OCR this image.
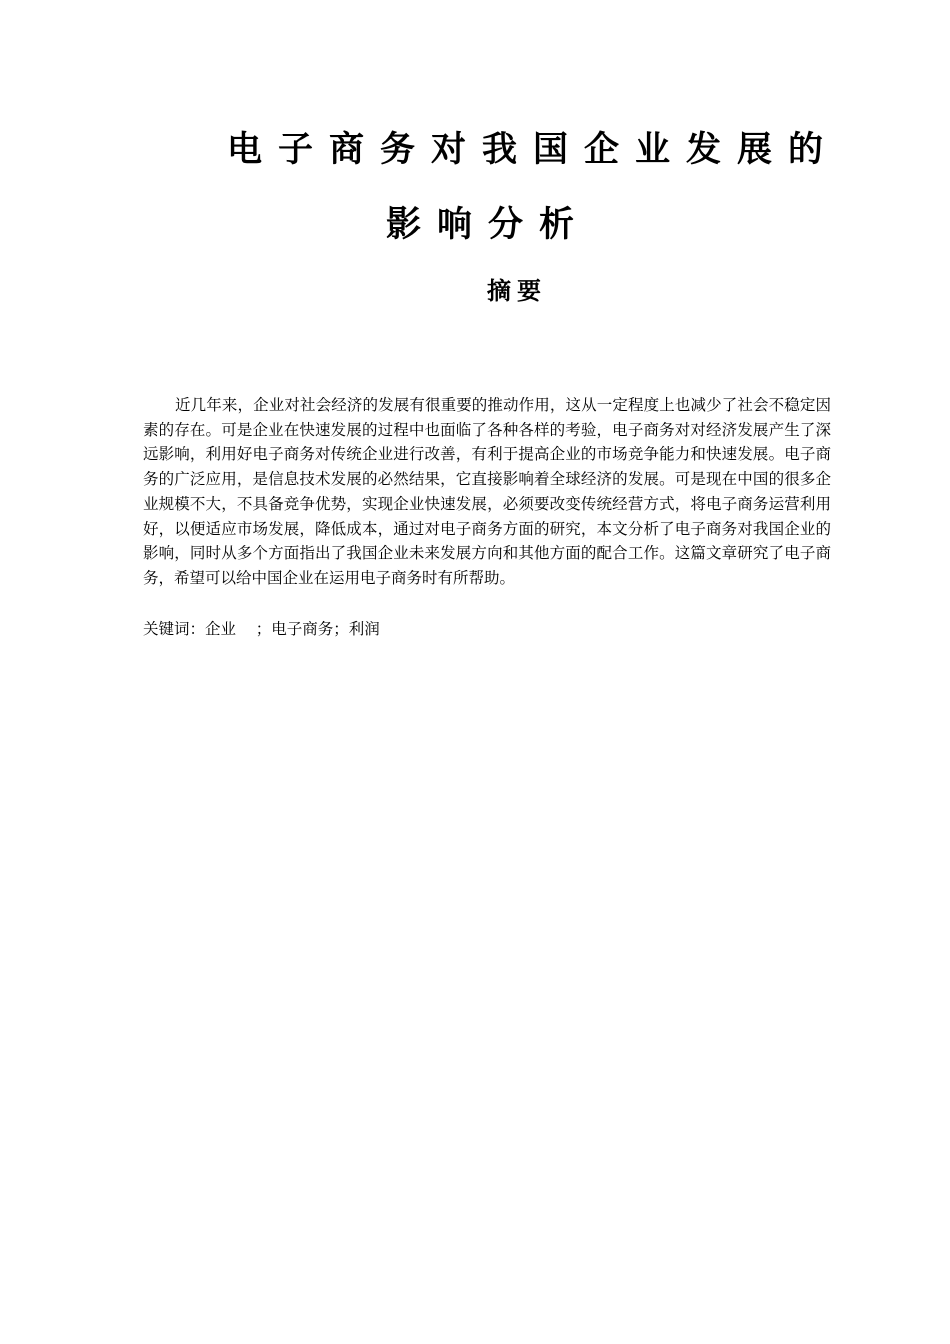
电子商务对我国企业发展的
影响分析
摘要

近几年来，企业对社会经济的发展有很重要的推动作用，这从一定程度上也减少了社会不稳定因素的存在。可是企业在快速发展的过程中也面临了各种各样的考验，电子商务对对经济发展产生了深远影响，利用好电子商务对传统企业进行改善，有利于提高企业的市场竞争能力和快速发展。电子商务的广泛应用，是信息技术发展的必然结果，它直接影响着全球经济的发展。可是现在中国的很多企业规模不大，不具备竞争优势，实现企业快速发展，必须要改变传统经营方式，将电子商务运营利用好，以便适应市场发展，降低成本，通过对电子商务方面的研究，本文分析了电子商务对我国企业的影响，同时从多个方面指出了我国企业未来发展方向和其他方面的配合工作。这篇文章研究了电子商务，希望可以给中国企业在运用电子商务时有所帮助。

关键词：企业    ；电子商务；利润
